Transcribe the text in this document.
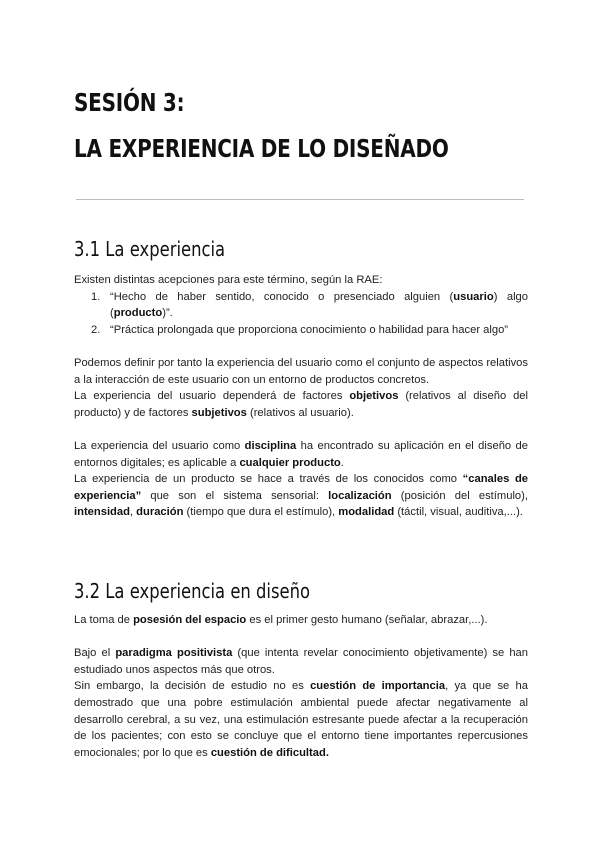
SESIÓN 3:
LA EXPERIENCIA DE LO DISEÑADO
3.1 La experiencia

Existen distintas acepciones para este término, según la RAE:

1. “Hecho de haber sentido, conocido o presenciado alguien (usuario) algo (producto)”.
2. “Práctica prolongada que proporciona conocimiento o habilidad para hacer algo”

Podemos definir por tanto la experiencia del usuario como el conjunto de aspectos relativos a la interacción de este usuario con un entorno de productos concretos.

La experiencia del usuario dependerá de factores objetivos (relativos al diseño del producto) y de factores subjetivos (relativos al usuario).

La experiencia del usuario como disciplina ha encontrado su aplicación en el diseño de entornos digitales; es aplicable a cualquier producto.

La experiencia de un producto se hace a través de los conocidos como “canales de experiencia” que son el sistema sensorial: localización (posición del estímulo), intensidad, duración (tiempo que dura el estímulo), modalidad (táctil, visual, auditiva,...).

3.2 La experiencia en diseño

La toma de posesión del espacio es el primer gesto humano (señalar, abrazar,...).

Bajo el paradigma positivista (que intenta revelar conocimiento objetivamente) se han estudiado unos aspectos más que otros.

Sin embargo, la decisión de estudio no es cuestión de importancia, ya que se ha demostrado que una pobre estimulación ambiental puede afectar negativamente al desarrollo cerebral, a su vez, una estimulación estresante puede afectar a la recuperación de los pacientes; con esto se concluye que el entorno tiene importantes repercusiones emocionales; por lo que es cuestión de dificultad.
